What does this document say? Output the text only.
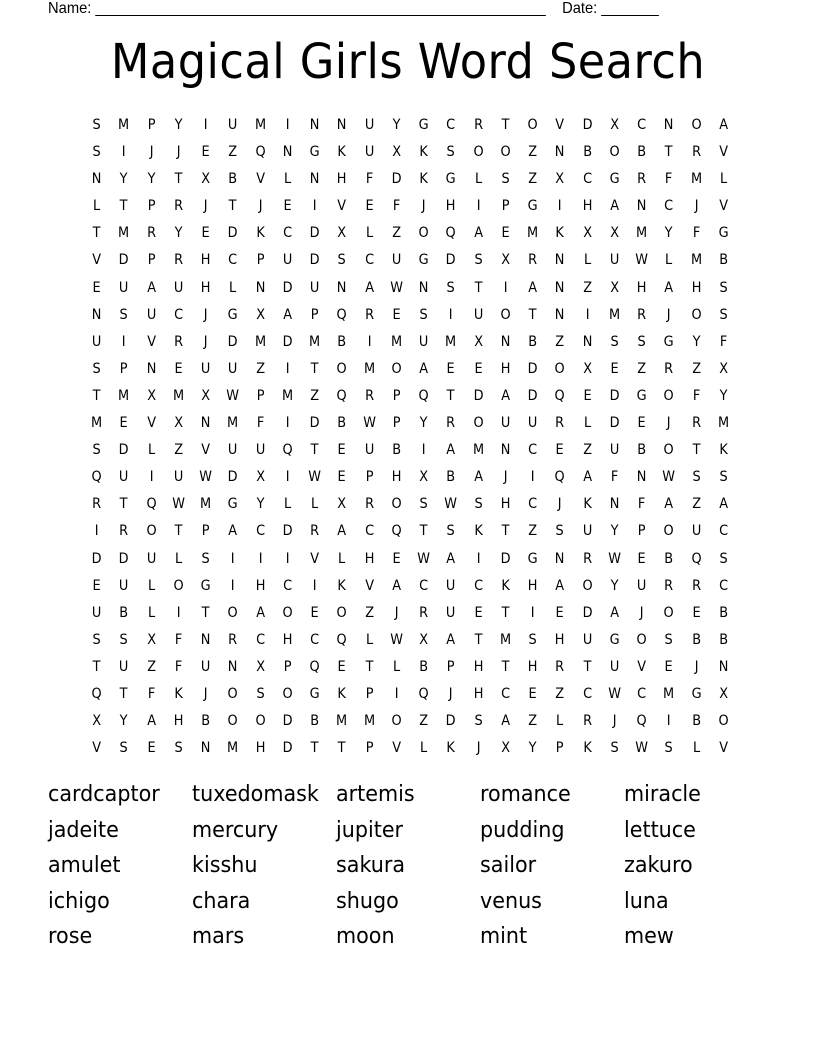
Name: _______________________________________________________    Date: _______
Magical Girls Word Search
S	M	P	Y	I	U	M	I	N	N	U	Y	G	C	R	T	O	V	D	X	C	N	O	A
S	I	J	J	E	Z	Q	N	G	K	U	X	K	S	O	O	Z	N	B	O	B	T	R	V
N	Y	Y	T	X	B	V	L	N	H	F	D	K	G	L	S	Z	X	C	G	R	F	M	L
L	T	P	R	J	T	J	E	I	V	E	F	J	H	I	P	G	I	H	A	N	C	J	V
T	M	R	Y	E	D	K	C	D	X	L	Z	O	Q	A	E	M	K	X	X	M	Y	F	G
V	D	P	R	H	C	P	U	D	S	C	U	G	D	S	X	R	N	L	U	W	L	M	B
E	U	A	U	H	L	N	D	U	N	A	W	N	S	T	I	A	N	Z	X	H	A	H	S
N	S	U	C	J	G	X	A	P	Q	R	E	S	I	U	O	T	N	I	M	R	J	O	S
U	I	V	R	J	D	M	D	M	B	I	M	U	M	X	N	B	Z	N	S	S	G	Y	F
S	P	N	E	U	U	Z	I	T	O	M	O	A	E	E	H	D	O	X	E	Z	R	Z	X
T	M	X	M	X	W	P	M	Z	Q	R	P	Q	T	D	A	D	Q	E	D	G	O	F	Y
M	E	V	X	N	M	F	I	D	B	W	P	Y	R	O	U	U	R	L	D	E	J	R	M
S	D	L	Z	V	U	U	Q	T	E	U	B	I	A	M	N	C	E	Z	U	B	O	T	K
Q	U	I	U	W	D	X	I	W	E	P	H	X	B	A	J	I	Q	A	F	N	W	S	S
R	T	Q	W	M	G	Y	L	L	X	R	O	S	W	S	H	C	J	K	N	F	A	Z	A
I	R	O	T	P	A	C	D	R	A	C	Q	T	S	K	T	Z	S	U	Y	P	O	U	C
D	D	U	L	S	I	I	I	V	L	H	E	W	A	I	D	G	N	R	W	E	B	Q	S
E	U	L	O	G	I	H	C	I	K	V	A	C	U	C	K	H	A	O	Y	U	R	R	C
U	B	L	I	T	O	A	O	E	O	Z	J	R	U	E	T	I	E	D	A	J	O	E	B
S	S	X	F	N	R	C	H	C	Q	L	W	X	A	T	M	S	H	U	G	O	S	B	B
T	U	Z	F	U	N	X	P	Q	E	T	L	B	P	H	T	H	R	T	U	V	E	J	N
Q	T	F	K	J	O	S	O	G	K	P	I	Q	J	H	C	E	Z	C	W	C	M	G	X
X	Y	A	H	B	O	O	D	B	M	M	O	Z	D	S	A	Z	L	R	J	Q	I	B	O
V	S	E	S	N	M	H	D	T	T	P	V	L	K	J	X	Y	P	K	S	W	S	L	V
cardcaptor	tuxedomask artemis	romance	miracle
jadeite	mercury	jupiter	pudding	lettuce
amulet	kisshu	sakura	sailor	zakuro
ichigo	chara	shugo	venus	luna
rose	mars	moon	mint	mew
